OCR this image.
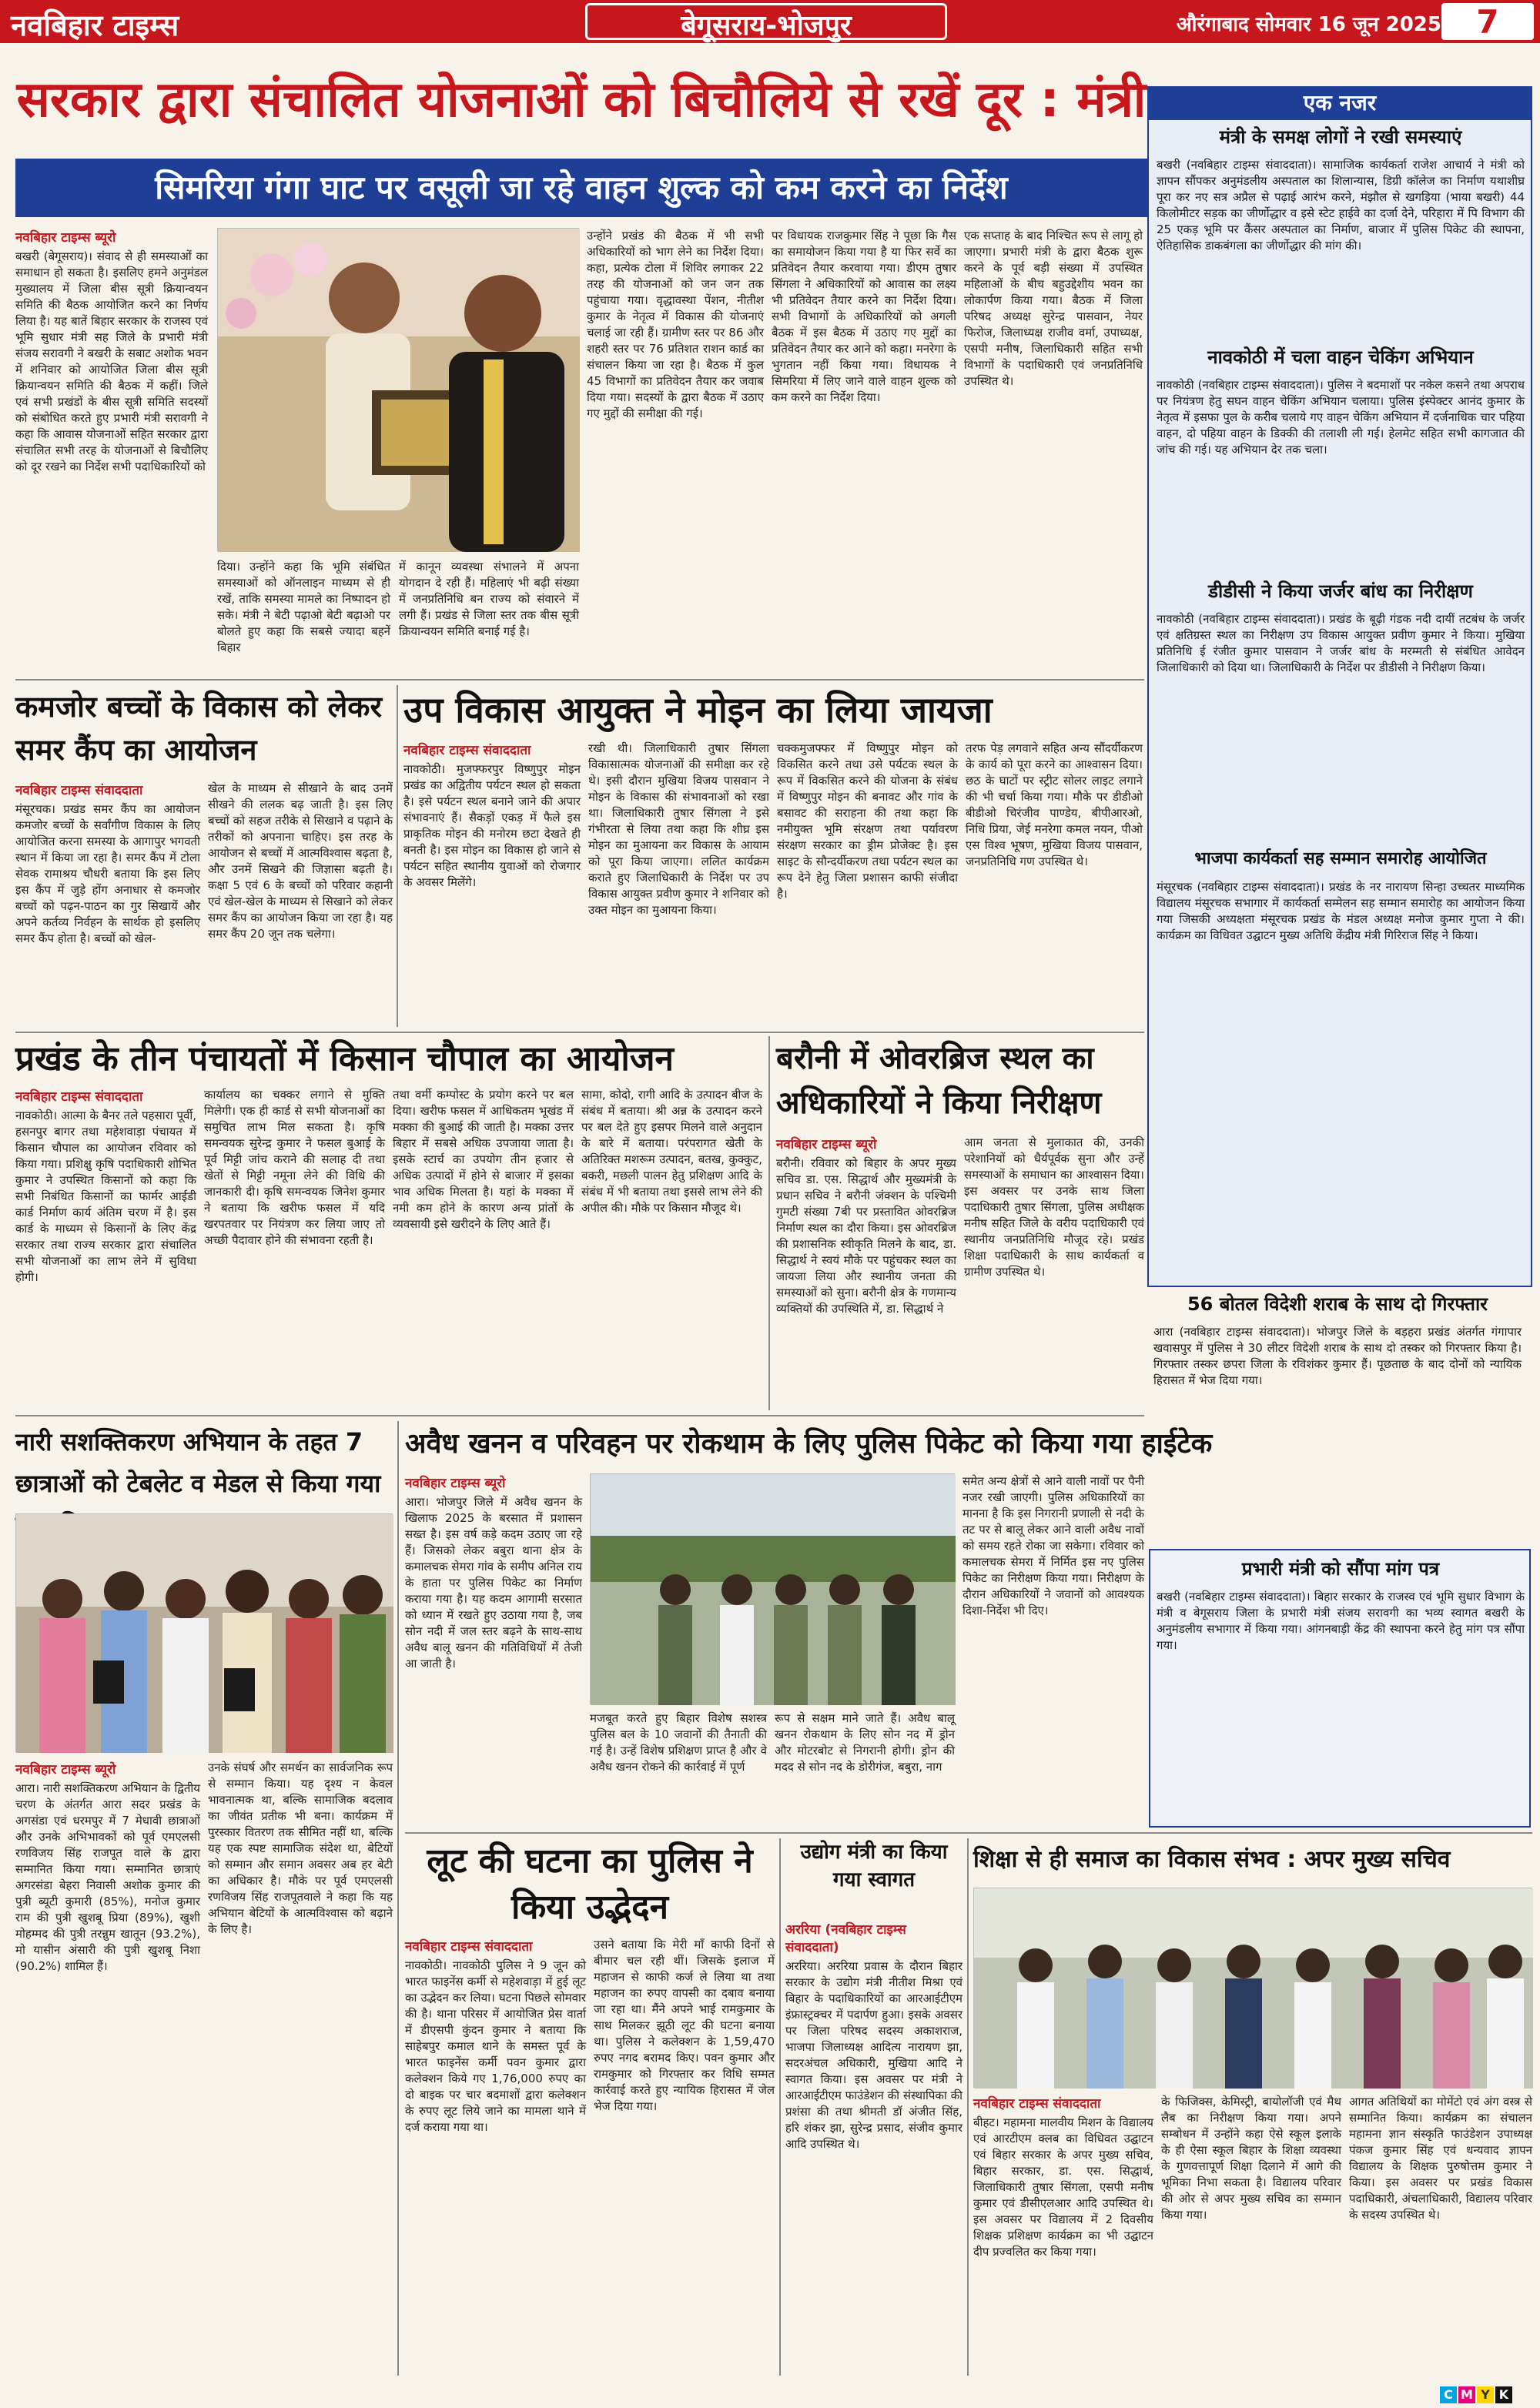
नवबिहार टाइम्स	बेगूसराय-भोजपुर	औरंगाबाद सोमवार 16 जून 2025	7
सरकार द्वारा संचालित योजनाओं को बिचौलिये से रखें दूर : मंत्री
सिमरिया गंगा घाट पर वसूली जा रहे वाहन शुल्क को कम करने का निर्देश
नवबिहार टाइम्स ब्यूरो
बखरी (बेगूसराय)। संवाद से ही समस्याओं का समाधान हो सकता है। इसलिए हमने अनुमंडल मुख्यालय में जिला बीस सूत्री क्रियान्वयन समिति की बैठक आयोजित करने का निर्णय लिया है। यह बातें बिहार सरकार के राजस्व एवं भूमि सुधार मंत्री सह जिले के प्रभारी मंत्री संजय सरावगी ने बखरी के सबाट अशोक भवन में शनिवार को आयोजित जिला बीस सूत्री क्रियान्वयन समिति की बैठक में कहीं। जिले एवं सभी प्रखंडों के बीस सूत्री समिति सदस्यों को संबोधित करते हुए प्रभारी मंत्री सरावगी ने कहा कि आवास योजनाओं सहित सरकार द्वारा संचालित सभी तरह के योजनाओं से बिचौलिए को दूर रखने का निर्देश सभी पदाधिकारियों को
दिया। उन्होंने कहा कि भूमि संबंधित समस्याओं को ऑनलाइन माध्यम से ही रखें, ताकि समस्या मामले का निष्पादन हो सके। मंत्री ने बेटी पढ़ाओ बेटी बढ़ाओ पर बोलते हुए कहा कि सबसे ज्यादा बहनें बिहार
में कानून व्यवस्था संभालने में अपना योगदान दे रही हैं। महिलाएं भी बढ़ी संख्या में जनप्रतिनिधि बन राज्य को संवारने में लगी हैं। प्रखंड से जिला स्तर तक बीस सूत्री क्रियान्वयन समिति बनाई गई है।
उन्होंने प्रखंड की बैठक में भी सभी अधिकारियों को भाग लेने का निर्देश दिया। कहा, प्रत्येक टोला में शिविर लगाकर 22 तरह की योजनाओं को जन जन तक पहुंचाया गया। वृद्धावस्था पेंशन, नीतीश कुमार के नेतृत्व में विकास की योजनाएं चलाई जा रही हैं। ग्रामीण स्तर पर 86 और शहरी स्तर पर 76 प्रतिशत राशन कार्ड का संचालन किया जा रहा है। बैठक में कुल 45 विभागों का प्रतिवेदन तैयार कर जवाब दिया गया। सदस्यों के द्वारा बैठक में उठाए गए मुद्दों की समीक्षा की गई।
पर विधायक राजकुमार सिंह ने पूछा कि गैस का समायोजन किया गया है या फिर सर्वे का प्रतिवेदन तैयार करवाया गया। डीएम तुषार सिंगला ने अधिकारियों को आवास का लक्ष्य भी प्रतिवेदन तैयार करने का निर्देश दिया। सभी विभागों के अधिकारियों को अगली बैठक में इस बैठक में उठाए गए मुद्दों का प्रतिवेदन तैयार कर आने को कहा। मनरेगा के भुगतान नहीं किया गया। विधायक ने सिमरिया में लिए जाने वाले वाहन शुल्क को कम करने का निर्देश दिया।
एक सप्ताह के बाद निश्चित रूप से लागू हो जाएगा। प्रभारी मंत्री के द्वारा बैठक शुरू करने के पूर्व बड़ी संख्या में उपस्थित महिलाओं के बीच बहुउद्देशीय भवन का लोकार्पण किया गया। बैठक में जिला परिषद अध्यक्ष सुरेन्द्र पासवान, नेयर फिरोज, जिलाध्यक्ष राजीव वर्मा, उपाध्यक्ष, एसपी मनीष, जिलाधिकारी सहित सभी विभागों के पदाधिकारी एवं जनप्रतिनिधि उपस्थित थे।
कमजोर बच्चों के विकास को लेकर समर कैंप का आयोजन
नवबिहार टाइम्स संवाददाता
मंसूरचक। प्रखंड समर कैंप का आयोजन कमजोर बच्चों के सर्वांगीण विकास के लिए आयोजित करना समस्या के आगापुर भगवती स्थान में किया जा रहा है। समर कैंप में टोला सेवक रामाश्रय चौधरी बताया कि इस लिए इस कैंप में जुड़े होंग अनाधार से कमजोर बच्चों को पढ़न-पाठन का गुर सिखायें और अपने कर्तव्य निर्वहन के सार्थक हो इसलिए समर कैंप होता है। बच्चों को खेल-
खेल के माध्यम से सीखाने के बाद उनमें सीखने की ललक बढ़ जाती है। इस लिए बच्चों को सहज तरीके से सिखाने व पढ़ाने के तरीकों को अपनाना चाहिए। इस तरह के आयोजन से बच्चों में आत्मविश्वास बढ़ता है, और उनमें सिखने की जिज्ञासा बढ़ती है। कक्षा 5 एवं 6 के बच्चों को परिवार कहानी एवं खेल-खेल के माध्यम से सिखाने को लेकर समर कैंप का आयोजन किया जा रहा है। यह समर कैंप 20 जून तक चलेगा।
उप विकास आयुक्त ने मोइन का लिया जायजा
नवबिहार टाइम्स संवाददाता
नावकोठी। मुजफ्फरपुर विष्णुपुर मोइन प्रखंड का अद्वितीय पर्यटन स्थल हो सकता है। इसे पर्यटन स्थल बनाने जाने की अपार संभावनाएं हैं। सैकड़ों एकड़ में फैले इस प्राकृतिक मोइन की मनोरम छटा देखते ही बनती है। इस मोइन का विकास हो जाने से पर्यटन सहित स्थानीय युवाओं को रोजगार के अवसर मिलेंगे।
रखी थी। जिलाधिकारी तुषार सिंगला विकासात्मक योजनाओं की समीक्षा कर रहे थे। इसी दौरान मुखिया विजय पासवान ने मोइन के विकास की संभावनाओं को रखा था। जिलाधिकारी तुषार सिंगला ने इसे गंभीरता से लिया तथा कहा कि शीघ्र इस मोइन का मुआयना कर विकास के आयाम को पूरा किया जाएगा। ललित कार्यक्रम कराते हुए जिलाधिकारी के निर्देश पर उप विकास आयुक्त प्रवीण कुमार ने शनिवार को उक्त मोइन का मुआयना किया।
चक्कमुजफ्फर में विष्णुपुर मोइन को विकसित करने तथा उसे पर्यटक स्थल के रूप में विकसित करने की योजना के संबंध में विष्णुपुर मोइन की बनावट और गांव के बसावट की सराहना की तथा कहा कि नमीयुक्त भूमि संरक्षण तथा पर्यावरण संरक्षण सरकार का ड्रीम प्रोजेक्ट है। इस साइट के सौन्दर्यीकरण तथा पर्यटन स्थल का रूप देने हेतु जिला प्रशासन काफी संजीदा है।
तरफ पेड़ लगवाने सहित अन्य सौंदर्यीकरण के कार्य को पूरा करने का आश्वासन दिया। छठ के घाटों पर स्ट्रीट सोलर लाइट लगाने की भी चर्चा किया गया। मौके पर डीडीओ बीडीओ चिरंजीव पाण्डेय, बीपीआरओ, निधि प्रिया, जेई मनरेगा कमल नयन, पीओ एस विश्व भूषण, मुखिया विजय पासवान, जनप्रतिनिधि गण उपस्थित थे।
प्रखंड के तीन पंचायतों में किसान चौपाल का आयोजन
नवबिहार टाइम्स संवाददाता
नावकोठी। आत्मा के बैनर तले पहसारा पूर्वी, हसनपुर बागर तथा महेशवाड़ा पंचायत में किसान चौपाल का आयोजन रविवार को किया गया। प्रशिक्षु कृषि पदाधिकारी शोभित कुमार ने उपस्थित किसानों को कहा कि सभी निबंधित किसानों का फार्मर आईडी कार्ड निर्माण कार्य अंतिम चरण में है। इस कार्ड के माध्यम से किसानों के लिए केंद्र सरकार तथा राज्य सरकार द्वारा संचालित सभी योजनाओं का लाभ लेने में सुविधा होगी।
कार्यालय का चक्कर लगाने से मुक्ति मिलेगी। एक ही कार्ड से सभी योजनाओं का समुचित लाभ मिल सकता है। कृषि समन्वयक सुरेन्द्र कुमार ने फसल बुआई के पूर्व मिट्टी जांच कराने की सलाह दी तथा खेतों से मिट्टी नमूना लेने की विधि की जानकारी दी। कृषि समन्वयक जिनेश कुमार ने बताया कि खरीफ फसल में यदि खरपतवार पर नियंत्रण कर लिया जाए तो अच्छी पैदावार होने की संभावना रहती है।
तथा वर्मी कम्पोस्ट के प्रयोग करने पर बल दिया। खरीफ फसल में आधिकतम भूखंड में मक्का की बुआई की जाती है। मक्का उत्तर बिहार में सबसे अधिक उपजाया जाता है। इसके स्टार्च का उपयोग तीन हजार से अधिक उत्पादों में होने से बाजार में इसका भाव अधिक मिलता है। यहां के मक्का में नमी कम होने के कारण अन्य प्रांतों के व्यवसायी इसे खरीदने के लिए आते हैं।
सामा, कोदो, रागी आदि के उत्पादन बीज के संबंध में बताया। श्री अन्न के उत्पादन करने पर बल देते हुए इसपर मिलने वाले अनुदान के बारे में बताया। परंपरागत खेती के अतिरिक्त मशरूम उत्पादन, बतख, कुक्कुट, बकरी, मछली पालन हेतु प्रशिक्षण आदि के संबंध में भी बताया तथा इससे लाभ लेने की अपील की। मौके पर किसान मौजूद थे।
बरौनी में ओवरब्रिज स्थल का अधिकारियों ने किया निरीक्षण
नवबिहार टाइम्स ब्यूरो
बरौनी। रविवार को बिहार के अपर मुख्य सचिव डा. एस. सिद्धार्थ और मुख्यमंत्री के प्रधान सचिव ने बरौनी जंक्शन के पश्चिमी गुमटी संख्या 7बी पर प्रस्तावित ओवरब्रिज निर्माण स्थल का दौरा किया। इस ओवरब्रिज की प्रशासनिक स्वीकृति मिलने के बाद, डा. सिद्धार्थ ने स्वयं मौके पर पहुंचकर स्थल का जायजा लिया और स्थानीय जनता की समस्याओं को सुना। बरौनी क्षेत्र के गणमान्य व्यक्तियों की उपस्थिति में, डा. सिद्धार्थ ने
आम जनता से मुलाकात की, उनकी परेशानियों को धैर्यपूर्वक सुना और उन्हें समस्याओं के समाधान का आश्वासन दिया। इस अवसर पर उनके साथ जिला पदाधिकारी तुषार सिंगला, पुलिस अधीक्षक मनीष सहित जिले के वरीय पदाधिकारी एवं स्थानीय जनप्रतिनिधि मौजूद रहे। प्रखंड शिक्षा पदाधिकारी के साथ कार्यकर्ता व ग्रामीण उपस्थित थे।
नारी सशक्तिकरण अभियान के तहत 7 छात्राओं को टेबलेट व मेडल से किया गया
नवबिहार टाइम्स ब्यूरो
आरा। नारी सशक्तिकरण अभियान के द्वितीय चरण के अंतर्गत आरा सदर प्रखंड के अगसंडा एवं धरमपुर में 7 मेधावी छात्राओं और उनके अभिभावकों को पूर्व एमएलसी रणविजय सिंह राजपूत वाले के द्वारा सम्मानित किया गया। सम्मानित छात्राएं अगरसंडा बेहरा निवासी अशोक कुमार की पुत्री ब्यूटी कुमारी (85%), मनोज कुमार राम की पुत्री खुशबू प्रिया (89%), खुशी मोहम्मद की पुत्री तरन्नुम खातून (93.2%), मो यासीन अंसारी की पुत्री खुशबू निशा (90.2%) शामिल हैं।
उनके संघर्ष और समर्थन का सार्वजनिक रूप से सम्मान किया। यह दृश्य न केवल भावनात्मक था, बल्कि सामाजिक बदलाव का जीवंत प्रतीक भी बना। कार्यक्रम में पुरस्कार वितरण तक सीमित नहीं था, बल्कि यह एक स्पष्ट सामाजिक संदेश था, बेटियों को सम्मान और समान अवसर अब हर बेटी का अधिकार है। मौके पर पूर्व एमएलसी रणविजय सिंह राजपूतवाले ने कहा कि यह अभियान बेटियों के आत्मविश्वास को बढ़ाने के लिए है।
अवैध खनन व परिवहन पर रोकथाम के लिए पुलिस पिकेट को किया गया हाईटेक
नवबिहार टाइम्स ब्यूरो
आरा। भोजपुर जिले में अवैध खनन के खिलाफ 2025 के बरसात में प्रशासन सख्त है। इस वर्ष कड़े कदम उठाए जा रहे हैं। जिसको लेकर बबुरा थाना क्षेत्र के कमालचक सेमरा गांव के समीप अनिल राय के हाता पर पुलिस पिकेट का निर्माण कराया गया है। यह कदम आगामी सरसात को ध्यान में रखते हुए उठाया गया है, जब सोन नदी में जल स्तर बढ़ने के साथ-साथ अवैध बालू खनन की गतिविधियों में तेजी आ जाती है।
मजबूत करते हुए बिहार विशेष सशस्त्र पुलिस बल के 10 जवानों की तैनाती की गई है। उन्हें विशेष प्रशिक्षण प्राप्त है और वे अवैध खनन रोकने की कार्रवाई में पूर्ण
रूप से सक्षम माने जाते हैं। अवैध बालू खनन रोकथाम के लिए सोन नद में ड्रोन और मोटरबोट से निगरानी होगी। ड्रोन की मदद से सोन नद के डोरीगंज, बबुरा, नाग
समेत अन्य क्षेत्रों से आने वाली नावों पर पैनी नजर रखी जाएगी। पुलिस अधिकारियों का मानना है कि इस निगरानी प्रणाली से नदी के तट पर से बालू लेकर आने वाली अवैध नावों को समय रहते रोका जा सकेगा। रविवार को कमालचक सेमरा में निर्मित इस नए पुलिस पिकेट का निरीक्षण किया गया। निरीक्षण के दौरान अधिकारियों ने जवानों को आवश्यक दिशा-निर्देश भी दिए।
लूट की घटना का पुलिस ने किया उद्भेदन
नवबिहार टाइम्स संवाददाता
नावकोठी। नावकोठी पुलिस ने 9 जून को भारत फाइनेंस कर्मी से महेशवाड़ा में हुई लूट का उद्भेदन कर लिया। घटना पिछले सोमवार की है। थाना परिसर में आयोजित प्रेस वार्ता में डीएसपी कुंदन कुमार ने बताया कि साहेबपुर कमाल थाने के समस्त पूर्व के भारत फाइनेंस कर्मी पवन कुमार द्वारा कलेक्शन किये गए 1,76,000 रुपए का दो बाइक पर चार बदमाशों द्वारा कलेक्शन के रुपए लूट लिये जाने का मामला थाने में दर्ज कराया गया था।
उसने बताया कि मेरी माँ काफी दिनों से बीमार चल रही थीं। जिसके इलाज में महाजन से काफी कर्ज ले लिया था तथा महाजन का रुपए वापसी का दबाव बनाया जा रहा था। मैंने अपने भाई रामकुमार के साथ मिलकर झूठी लूट की घटना बनाया था। पुलिस ने कलेक्शन के 1,59,470 रुपए नगद बरामद किए। पवन कुमार और रामकुमार को गिरफ्तार कर विधि सम्मत कार्रवाई करते हुए न्यायिक हिरासत में जेल भेज दिया गया।
उद्योग मंत्री का किया गया स्वागत
अररिया (नवबिहार टाइम्स संवाददाता)
अररिया। अररिया प्रवास के दौरान बिहार सरकार के उद्योग मंत्री नीतीश मिश्रा एवं बिहार के पदाधिकारियों का आरआईटीएम इंफ्रास्ट्रक्चर में पदार्पण हुआ। इसके अवसर पर जिला परिषद सदस्य अकाशराज, भाजपा जिलाध्यक्ष आदित्य नारायण झा, सदरअंचल अधिकारी, मुखिया आदि ने स्वागत किया। इस अवसर पर मंत्री ने आरआईटीएम फाउंडेशन की संस्थापिका की प्रशंसा की तथा श्रीमती डॉ अंजीत सिंह, हरि शंकर झा, सुरेन्द्र प्रसाद, संजीव कुमार आदि उपस्थित थे।
शिक्षा से ही समाज का विकास संभव : अपर मुख्य सचिव
नवबिहार टाइम्स संवाददाता
बीहट। महामना मालवीय मिशन के विद्यालय एवं आरटीएम क्लब का विधिवत उद्घाटन एवं बिहार सरकार के अपर मुख्य सचिव, बिहार सरकार, डा. एस. सिद्धार्थ, जिलाधिकारी तुषार सिंगला, एसपी मनीष कुमार एवं डीसीएलआर आदि उपस्थित थे। इस अवसर पर विद्यालय में 2 दिवसीय शिक्षक प्रशिक्षण कार्यक्रम का भी उद्घाटन दीप प्रज्वलित कर किया गया।
के फिजिक्स, केमिस्ट्री, बायोलॉजी एवं मैथ लैब का निरीक्षण किया गया। अपने सम्बोधन में उन्होंने कहा ऐसे स्कूल इलाके के ही ऐसा स्कूल बिहार के शिक्षा व्यवस्था के गुणवत्तापूर्ण शिक्षा दिलाने में आगे की भूमिका निभा सकता है। विद्यालय परिवार की ओर से अपर मुख्य सचिव का सम्मान किया गया।
आगत अतिथियों का मोमेंटो एवं अंग वस्त्र से सम्मानित किया। कार्यक्रम का संचालन महामना ज्ञान संस्कृति फाउंडेशन उपाध्यक्ष पंकज कुमार सिंह एवं धन्यवाद ज्ञापन विद्यालय के शिक्षक पुरुषोत्तम कुमार ने किया। इस अवसर पर प्रखंड विकास पदाधिकारी, अंचलाधिकारी, विद्यालय परिवार के सदस्य उपस्थित थे।
एक नजर
मंत्री के समक्ष लोगों ने रखी समस्याएं
बखरी (नवबिहार टाइम्स संवाददाता)। सामाजिक कार्यकर्ता राजेश आचार्य ने मंत्री को ज्ञापन सौंपकर अनुमंडलीय अस्पताल का शिलान्यास, डिग्री कॉलेज का निर्माण यथाशीघ्र पूरा कर नए सत्र अप्रैल से पढ़ाई आरंभ करने, मंझौल से खगड़िया (भाया बखरी) 44 किलोमीटर सड़क का जीर्णोद्धार व इसे स्टेट हाईवे का दर्जा देने, परिहारा में पि विभाग की 25 एकड़ भूमि पर कैंसर अस्पताल का निर्माण, बाजार में पुलिस पिकेट की स्थापना, ऐतिहासिक डाकबंगला का जीर्णोद्धार की मांग की।
नावकोठी में चला वाहन चेकिंग अभियान
नावकोठी (नवबिहार टाइम्स संवाददाता)। पुलिस ने बदमाशों पर नकेल कसने तथा अपराध पर नियंत्रण हेतु सघन वाहन चेकिंग अभियान चलाया। पुलिस इंस्पेक्टर आनंद कुमार के नेतृत्व में इसफा पुल के करीब चलाये गए वाहन चेकिंग अभियान में दर्जनाधिक चार पहिया वाहन, दो पहिया वाहन के डिक्की की तलाशी ली गई। हेलमेट सहित सभी कागजात की जांच की गई। यह अभियान देर तक चला।
डीडीसी ने किया जर्जर बांध का निरीक्षण
नावकोठी (नवबिहार टाइम्स संवाददाता)। प्रखंड के बूढ़ी गंडक नदी दायीं तटबंध के जर्जर एवं क्षतिग्रस्त स्थल का निरीक्षण उप विकास आयुक्त प्रवीण कुमार ने किया। मुखिया प्रतिनिधि ई रंजीत कुमार पासवान ने जर्जर बांध के मरम्मती से संबंधित आवेदन जिलाधिकारी को दिया था। जिलाधिकारी के निर्देश पर डीडीसी ने निरीक्षण किया।
भाजपा कार्यकर्ता सह सम्मान समारोह आयोजित
मंसूरचक (नवबिहार टाइम्स संवाददाता)। प्रखंड के नर नारायण सिन्हा उच्चतर माध्यमिक विद्यालय मंसूरचक सभागार में कार्यकर्ता सम्मेलन सह सम्मान समारोह का आयोजन किया गया जिसकी अध्यक्षता मंसूरचक प्रखंड के मंडल अध्यक्ष मनोज कुमार गुप्ता ने की। कार्यक्रम का विधिवत उद्घाटन मुख्य अतिथि केंद्रीय मंत्री गिरिराज सिंह ने किया।
56 बोतल विदेशी शराब के साथ दो गिरफ्तार
आरा (नवबिहार टाइम्स संवाददाता)। भोजपुर जिले के बड़हरा प्रखंड अंतर्गत गंगापार खवासपुर में पुलिस ने 30 लीटर विदेशी शराब के साथ दो तस्कर को गिरफ्तार किया है। गिरफ्तार तस्कर छपरा जिला के रविशंकर कुमार हैं। पूछताछ के बाद दोनों को न्यायिक हिरासत में भेज दिया गया।
प्रभारी मंत्री को सौंपा मांग पत्र
बखरी (नवबिहार टाइम्स संवाददाता)। बिहार सरकार के राजस्व एवं भूमि सुधार विभाग के मंत्री व बेगूसराय जिला के प्रभारी मंत्री संजय सरावगी का भव्य स्वागत बखरी के अनुमंडलीय सभागार में किया गया। आंगनबाड़ी केंद्र की स्थापना करने हेतु मांग पत्र सौंपा गया।
C M Y K
